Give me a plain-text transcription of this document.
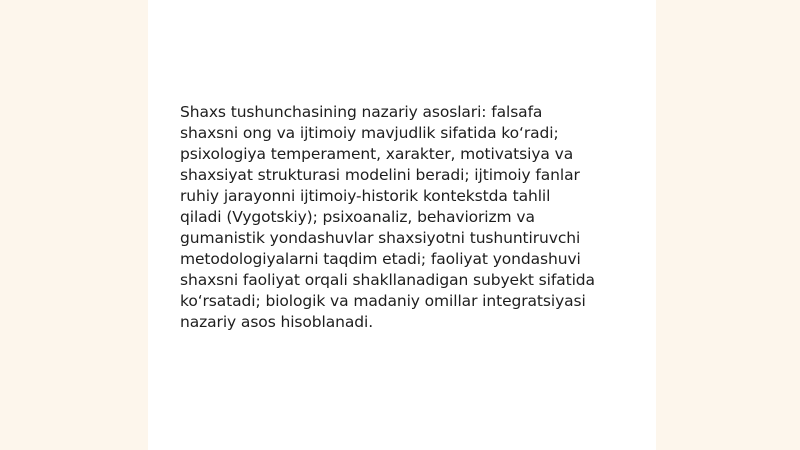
Shaxs tushunchasining nazariy asoslari: falsafa
shaxsni ong va ijtimoiy mavjudlik sifatida ko‘radi;
psixologiya temperament, xarakter, motivatsiya va
shaxsiyat strukturasi modelini beradi; ijtimoiy fanlar
ruhiy jarayonni ijtimoiy-historik kontekstda tahlil
qiladi (Vygotskiy); psixoanaliz, behaviorizm va
gumanistik yondashuvlar shaxsiyotni tushuntiruvchi
metodologiyalarni taqdim etadi; faoliyat yondashuvi
shaxsni faoliyat orqali shakllanadigan subyekt sifatida
ko‘rsatadi; biologik va madaniy omillar integratsiyasi
nazariy asos hisoblanadi.
